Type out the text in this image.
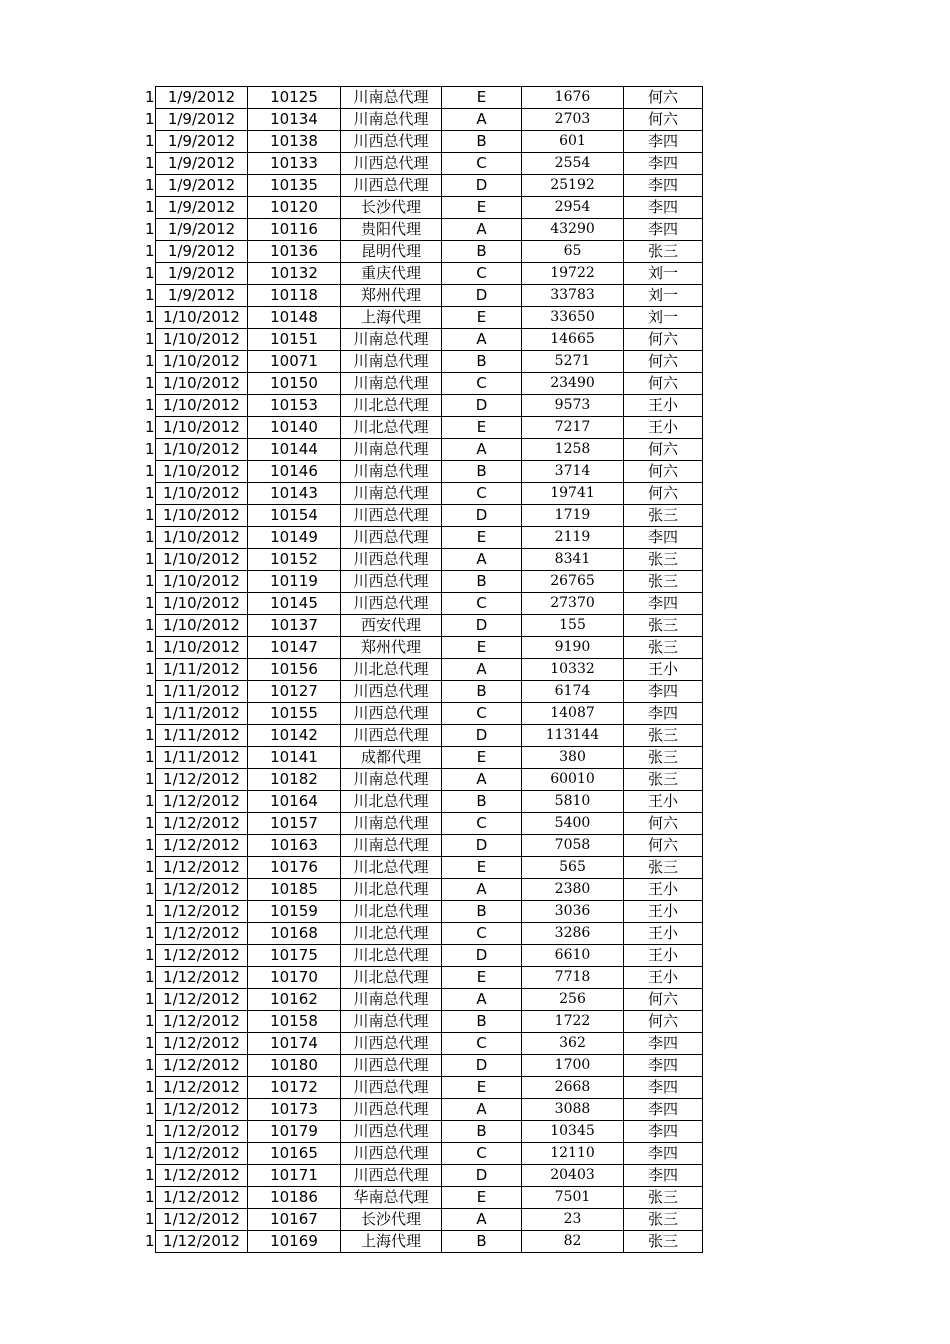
1	1/9/2012	10125	川南总代理	E	1676	何六
1	1/9/2012	10134	川南总代理	A	2703	何六
1	1/9/2012	10138	川西总代理	B	601	李四
1	1/9/2012	10133	川西总代理	C	2554	李四
1	1/9/2012	10135	川西总代理	D	25192	李四
1	1/9/2012	10120	长沙代理	E	2954	李四
1	1/9/2012	10116	贵阳代理	A	43290	李四
1	1/9/2012	10136	昆明代理	B	65	张三
1	1/9/2012	10132	重庆代理	C	19722	刘一
1	1/9/2012	10118	郑州代理	D	33783	刘一
1	1/10/2012	10148	上海代理	E	33650	刘一
1	1/10/2012	10151	川南总代理	A	14665	何六
1	1/10/2012	10071	川南总代理	B	5271	何六
1	1/10/2012	10150	川南总代理	C	23490	何六
1	1/10/2012	10153	川北总代理	D	9573	王小
1	1/10/2012	10140	川北总代理	E	7217	王小
1	1/10/2012	10144	川南总代理	A	1258	何六
1	1/10/2012	10146	川南总代理	B	3714	何六
1	1/10/2012	10143	川南总代理	C	19741	何六
1	1/10/2012	10154	川西总代理	D	1719	张三
1	1/10/2012	10149	川西总代理	E	2119	李四
1	1/10/2012	10152	川西总代理	A	8341	张三
1	1/10/2012	10119	川西总代理	B	26765	张三
1	1/10/2012	10145	川西总代理	C	27370	李四
1	1/10/2012	10137	西安代理	D	155	张三
1	1/10/2012	10147	郑州代理	E	9190	张三
1	1/11/2012	10156	川北总代理	A	10332	王小
1	1/11/2012	10127	川西总代理	B	6174	李四
1	1/11/2012	10155	川西总代理	C	14087	李四
1	1/11/2012	10142	川西总代理	D	113144	张三
1	1/11/2012	10141	成都代理	E	380	张三
1	1/12/2012	10182	川南总代理	A	60010	张三
1	1/12/2012	10164	川北总代理	B	5810	王小
1	1/12/2012	10157	川南总代理	C	5400	何六
1	1/12/2012	10163	川南总代理	D	7058	何六
1	1/12/2012	10176	川北总代理	E	565	张三
1	1/12/2012	10185	川北总代理	A	2380	王小
1	1/12/2012	10159	川北总代理	B	3036	王小
1	1/12/2012	10168	川北总代理	C	3286	王小
1	1/12/2012	10175	川北总代理	D	6610	王小
1	1/12/2012	10170	川北总代理	E	7718	王小
1	1/12/2012	10162	川南总代理	A	256	何六
1	1/12/2012	10158	川南总代理	B	1722	何六
1	1/12/2012	10174	川西总代理	C	362	李四
1	1/12/2012	10180	川西总代理	D	1700	李四
1	1/12/2012	10172	川西总代理	E	2668	李四
1	1/12/2012	10173	川西总代理	A	3088	李四
1	1/12/2012	10179	川西总代理	B	10345	李四
1	1/12/2012	10165	川西总代理	C	12110	李四
1	1/12/2012	10171	川西总代理	D	20403	李四
1	1/12/2012	10186	华南总代理	E	7501	张三
1	1/12/2012	10167	长沙代理	A	23	张三
1	1/12/2012	10169	上海代理	B	82	张三
